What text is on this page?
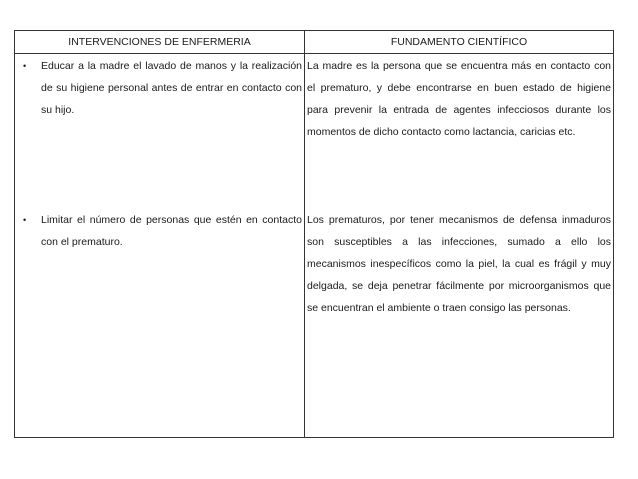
INTERVENCIONES DE ENFERMERIA	FUNDAMENTO CIENTÍFICO
• Educar a la madre el lavado de manos y la realización de su higiene personal antes de entrar en contacto con su hijo.
La madre es la persona que se encuentra más en contacto con el prematuro, y debe encontrarse en buen estado de higiene para prevenir la entrada de agentes infecciosos durante los momentos de dicho contacto como lactancia, caricias etc.
• Limitar el número de personas que estén en contacto con el prematuro.
Los prematuros, por tener mecanismos de defensa inmaduros son susceptibles a las infecciones, sumado a ello los mecanismos inespecíficos como la piel, la cual es frágil y muy delgada, se deja penetrar fácilmente por microorganismos que se encuentran el ambiente o traen consigo las personas.
